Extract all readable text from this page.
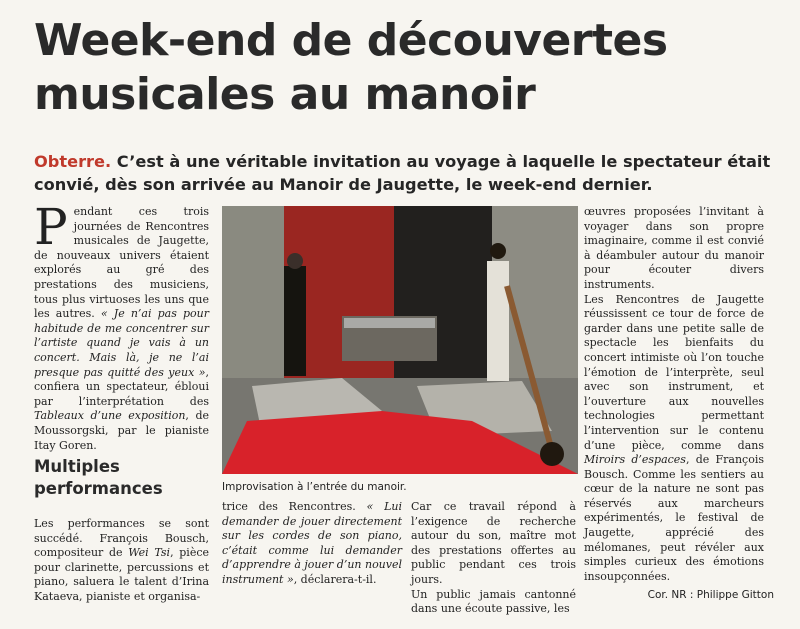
Week-end de découvertes
musicales au manoir

Obterre. C’est à une véritable invitation au voyage à laquelle le spectateur était convié, dès son arrivée au Manoir de Jaugette, le week-end dernier.

P endant ces trois journées de Rencontres musicales de Jaugette, de nouveaux univers étaient explorés au gré des prestations des musiciens, tous plus virtuoses les uns que les autres. « Je n’ai pas pour habitude de me concentrer sur l’artiste quand je vais à un concert. Mais là, je ne l’ai presque pas quitté des yeux », confiera un spectateur, ébloui par l’interprétation des Tableaux d’une exposition, de Moussorgski, par le pianiste Itay Goren.

Multiples performances

Les performances se sont succédé. François Bousch, compositeur de Wei Tsi, pièce pour clarinette, percussions et piano, saluera le talent d’Irina Kataeva, pianiste et organisa-

Improvisation à l’entrée du manoir.

trice des Rencontres. « Lui demander de jouer directement sur les cordes de son piano, c’était comme lui demander d’apprendre à jouer d’un nouvel instrument », déclarera-t-il.

Car ce travail répond à l’exigence de recherche autour du son, maître mot des prestations offertes au public pendant ces trois jours.

Un public jamais cantonné dans une écoute passive, les

œuvres proposées l’invitant à voyager dans son propre imaginaire, comme il est convié à déambuler autour du manoir pour écouter divers instruments.

Les Rencontres de Jaugette réussissent ce tour de force de garder dans une petite salle de spectacle les bienfaits du concert intimiste où l’on touche l’émotion de l’interprète, seul avec son instrument, et l’ouverture aux nouvelles technologies permettant l’intervention sur le contenu d’une pièce, comme dans Miroirs d’espaces, de François Bousch. Comme les sentiers au cœur de la nature ne sont pas réservés aux marcheurs expérimentés, le festival de Jaugette, apprécié des mélomanes, peut révéler aux simples curieux des émotions insoupçonnées.

Cor. NR : Philippe Gitton
